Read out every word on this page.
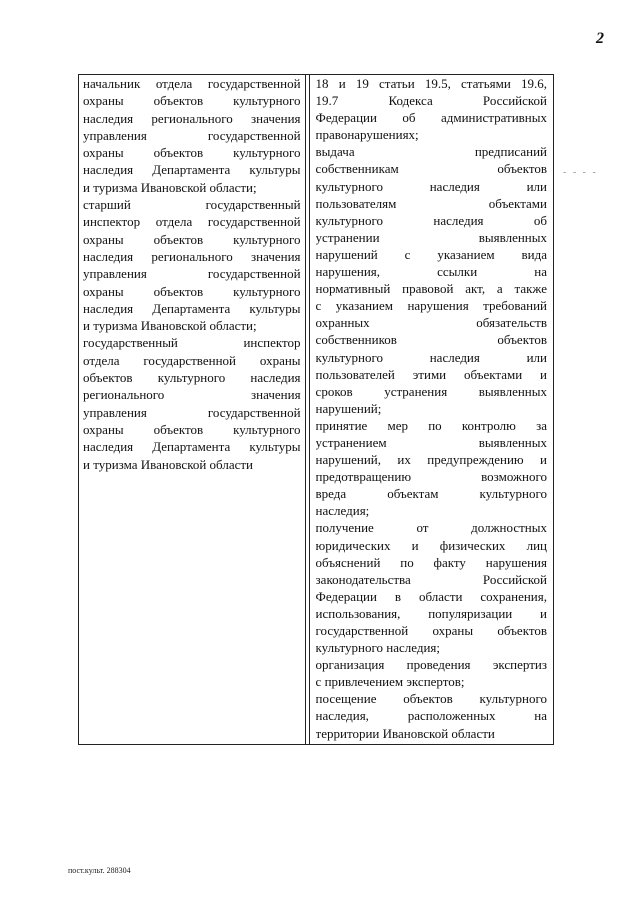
2
начальник отдела государственной
охраны объектов культурного
наследия регионального значения
управления государственной
охраны объектов культурного
наследия Департамента культуры
и туризма Ивановской области;
старший государственный
инспектор отдела государственной
охраны объектов культурного
наследия регионального значения
управления государственной
охраны объектов культурного
наследия Департамента культуры
и туризма Ивановской области;
государственный инспектор
отдела государственной охраны
объектов культурного наследия
регионального значения
управления государственной
охраны объектов культурного
наследия Департамента культуры
и туризма Ивановской области
18 и 19 статьи 19.5, статьями 19.6,
19.7 Кодекса Российской
Федерации об административных
правонарушениях;
выдача предписаний
собственникам объектов
культурного наследия или
пользователям объектами
культурного наследия об
устранении выявленных
нарушений с указанием вида
нарушения, ссылки на
нормативный правовой акт, а также
с указанием нарушения требований
охранных обязательств
собственников объектов
культурного наследия или
пользователей этими объектами и
сроков устранения выявленных
нарушений;
принятие мер по контролю за
устранением выявленных
нарушений, их предупреждению и
предотвращению возможного
вреда объектам культурного
наследия;
получение от должностных
юридических и физических лиц
объяснений по факту нарушения
законодательства Российской
Федерации в области сохранения,
использования, популяризации и
государственной охраны объектов
культурного наследия;
организация проведения экспертиз
с привлечением экспертов;
посещение объектов культурного
наследия, расположенных на
территории Ивановской области
- - - -
пост.культ. 288304
